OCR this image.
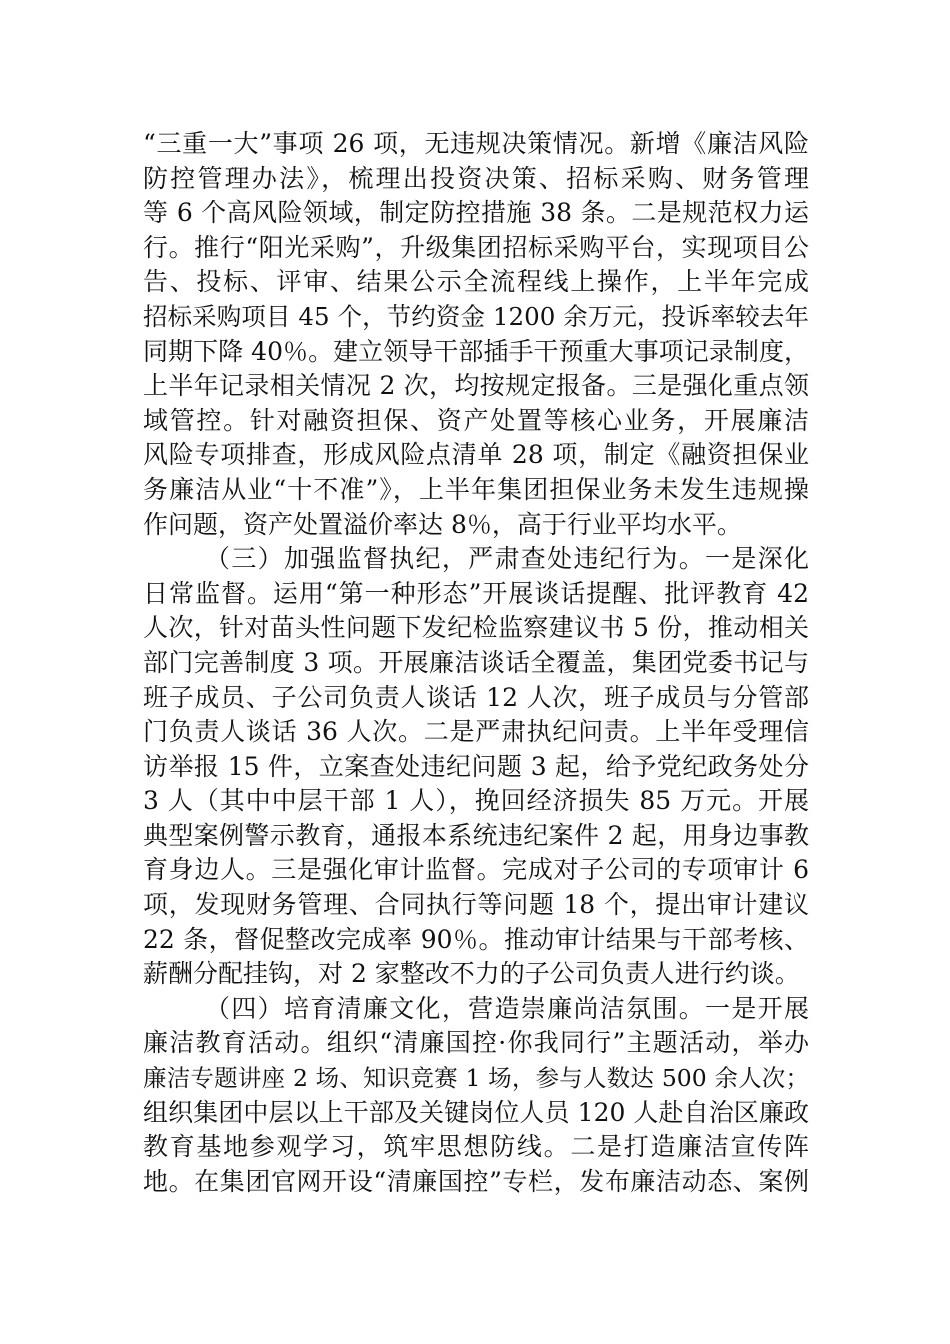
“三重一大”事项 26 项，无违规决策情况。新增《廉洁风险
防控管理办法》，梳理出投资决策、招标采购、财务管理
等 6 个高风险领域，制定防控措施 38 条。二是规范权力运
行。推行“阳光采购”，升级集团招标采购平台，实现项目公
告、投标、评审、结果公示全流程线上操作，上半年完成
招标采购项目 45 个，节约资金 1200 余万元，投诉率较去年
同期下降 40％。建立领导干部插手干预重大事项记录制度，
上半年记录相关情况 2 次，均按规定报备。三是强化重点领
域管控。针对融资担保、资产处置等核心业务，开展廉洁
风险专项排查，形成风险点清单 28 项，制定《融资担保业
务廉洁从业“十不准”》，上半年集团担保业务未发生违规操
作问题，资产处置溢价率达 8％，高于行业平均水平。
（三）加强监督执纪，严肃查处违纪行为。一是深化
日常监督。运用“第一种形态”开展谈话提醒、批评教育 42
人次，针对苗头性问题下发纪检监察建议书 5 份，推动相关
部门完善制度 3 项。开展廉洁谈话全覆盖，集团党委书记与
班子成员、子公司负责人谈话 12 人次，班子成员与分管部
门负责人谈话 36 人次。二是严肃执纪问责。上半年受理信
访举报 15 件，立案查处违纪问题 3 起，给予党纪政务处分
3 人（其中中层干部 1 人），挽回经济损失 85 万元。开展
典型案例警示教育，通报本系统违纪案件 2 起，用身边事教
育身边人。三是强化审计监督。完成对子公司的专项审计 6
项，发现财务管理、合同执行等问题 18 个，提出审计建议
22 条，督促整改完成率 90％。推动审计结果与干部考核、
薪酬分配挂钩，对 2 家整改不力的子公司负责人进行约谈。
（四）培育清廉文化，营造崇廉尚洁氛围。一是开展
廉洁教育活动。组织“清廉国控·你我同行”主题活动，举办
廉洁专题讲座 2 场、知识竞赛 1 场，参与人数达 500 余人次；
组织集团中层以上干部及关键岗位人员 120 人赴自治区廉政
教育基地参观学习，筑牢思想防线。二是打造廉洁宣传阵
地。在集团官网开设“清廉国控”专栏，发布廉洁动态、案例
